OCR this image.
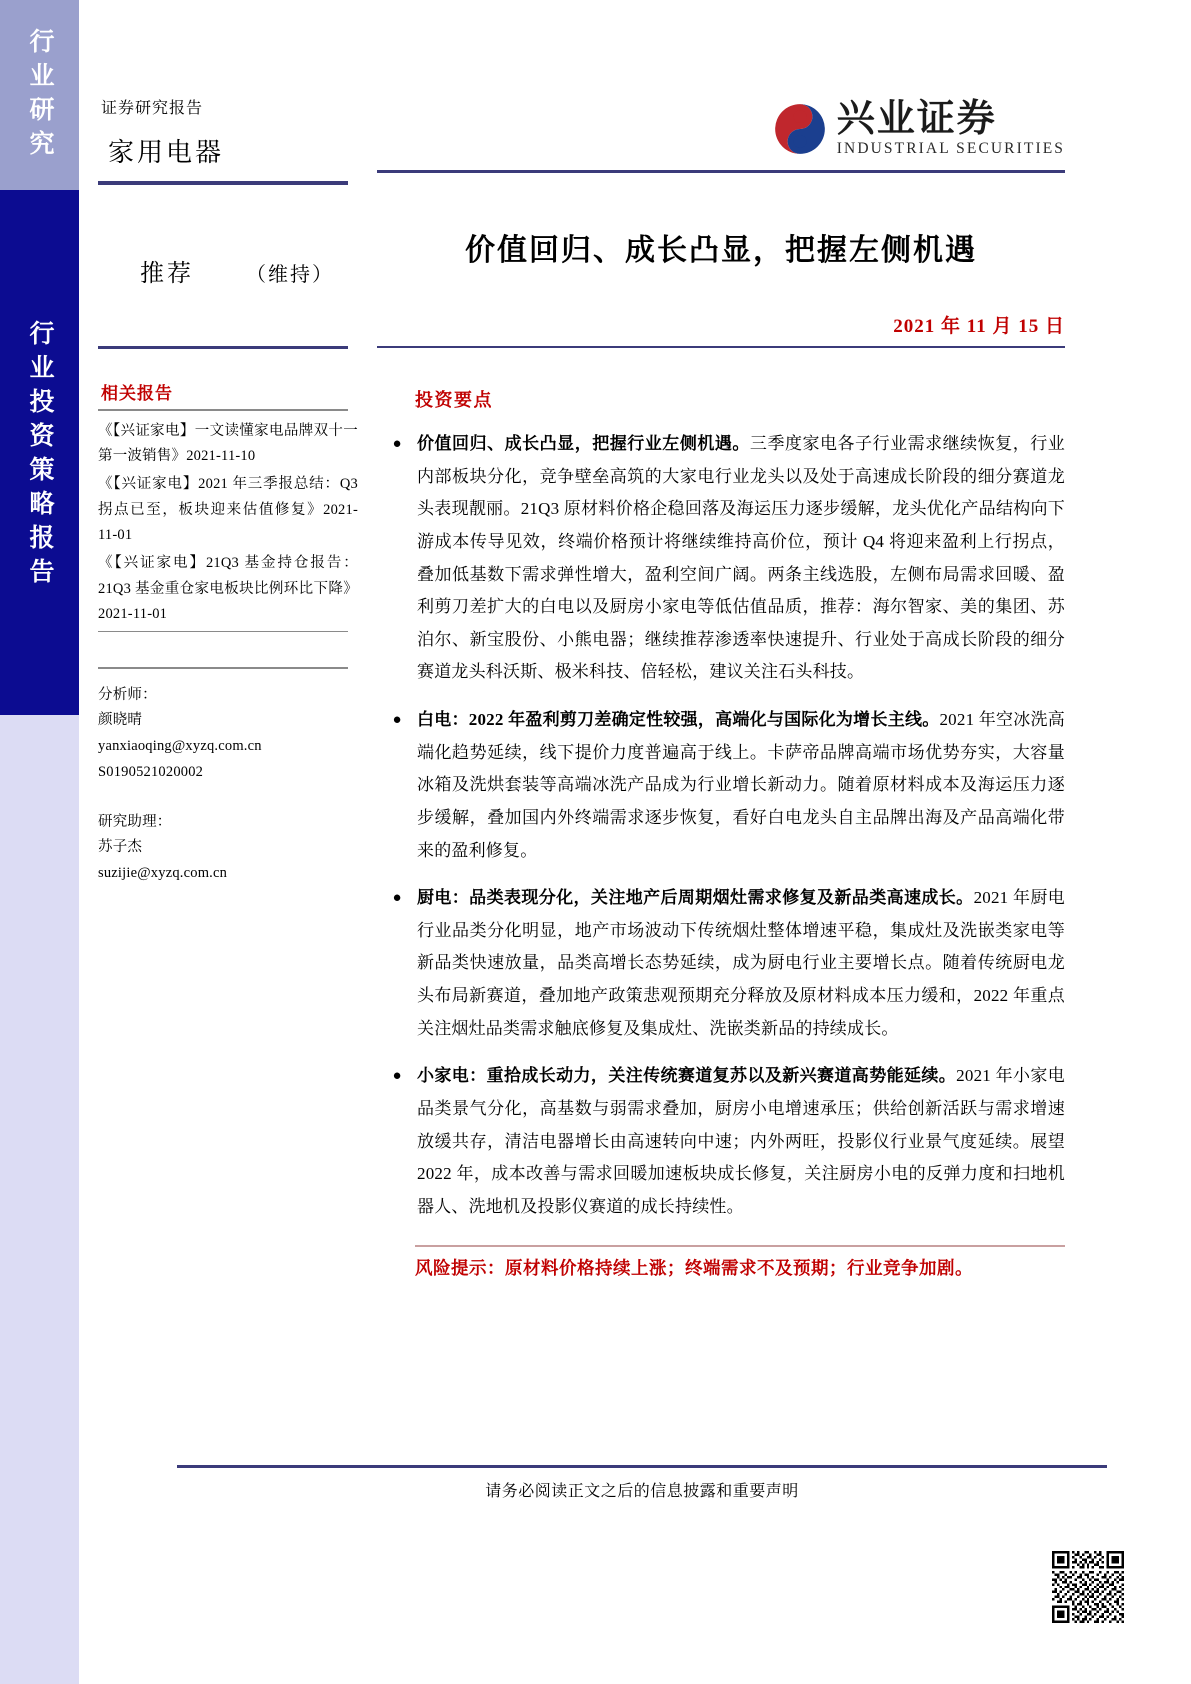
行业研究
行业投资策略报告
证券研究报告
家用电器
推荐	（维持）
相关报告
《【兴证家电】一文读懂家电品牌双十一第一波销售》2021-11-10
《【兴证家电】2021 年三季报总结：Q3 拐点已至，板块迎来估值修复》2021-11-01
《【兴证家电】21Q3 基金持仓报告：21Q3 基金重仓家电板块比例环比下降》2021-11-01

分析师：

颜晓晴

yanxiaoqing@xyzq.com.cn

S0190521020002

研究助理：

苏子杰

suzijie@xyzq.com.cn

兴业证券
INDUSTRIAL SECURITIES
价值回归、成长凸显，把握左侧机遇
2021 年 11 月 15 日
投资要点
● 价值回归、成长凸显，把握行业左侧机遇。三季度家电各子行业需求继续恢复，行业内部板块分化，竞争壁垒高筑的大家电行业龙头以及处于高速成长阶段的细分赛道龙头表现靓丽。21Q3 原材料价格企稳回落及海运压力逐步缓解，龙头优化产品结构向下游成本传导见效，终端价格预计将继续维持高价位，预计 Q4 将迎来盈利上行拐点，叠加低基数下需求弹性增大，盈利空间广阔。两条主线选股，左侧布局需求回暖、盈利剪刀差扩大的白电以及厨房小家电等低估值品质，推荐：海尔智家、美的集团、苏泊尔、新宝股份、小熊电器；继续推荐渗透率快速提升、行业处于高成长阶段的细分赛道龙头科沃斯、极米科技、倍轻松，建议关注石头科技。
● 白电：2022 年盈利剪刀差确定性较强，高端化与国际化为增长主线。2021 年空冰洗高端化趋势延续，线下提价力度普遍高于线上。卡萨帝品牌高端市场优势夯实，大容量冰箱及洗烘套装等高端冰洗产品成为行业增长新动力。随着原材料成本及海运压力逐步缓解，叠加国内外终端需求逐步恢复，看好白电龙头自主品牌出海及产品高端化带来的盈利修复。
● 厨电：品类表现分化，关注地产后周期烟灶需求修复及新品类高速成长。2021 年厨电行业品类分化明显，地产市场波动下传统烟灶整体增速平稳，集成灶及洗嵌类家电等新品类快速放量，品类高增长态势延续，成为厨电行业主要增长点。随着传统厨电龙头布局新赛道，叠加地产政策悲观预期充分释放及原材料成本压力缓和，2022 年重点关注烟灶品类需求触底修复及集成灶、洗嵌类新品的持续成长。
● 小家电：重拾成长动力，关注传统赛道复苏以及新兴赛道高势能延续。2021 年小家电品类景气分化，高基数与弱需求叠加，厨房小电增速承压；供给创新活跃与需求增速放缓共存，清洁电器增长由高速转向中速；内外两旺，投影仪行业景气度延续。展望 2022 年，成本改善与需求回暖加速板块成长修复，关注厨房小电的反弹力度和扫地机器人、洗地机及投影仪赛道的成长持续性。
风险提示：原材料价格持续上涨；终端需求不及预期；行业竞争加剧。
请务必阅读正文之后的信息披露和重要声明
